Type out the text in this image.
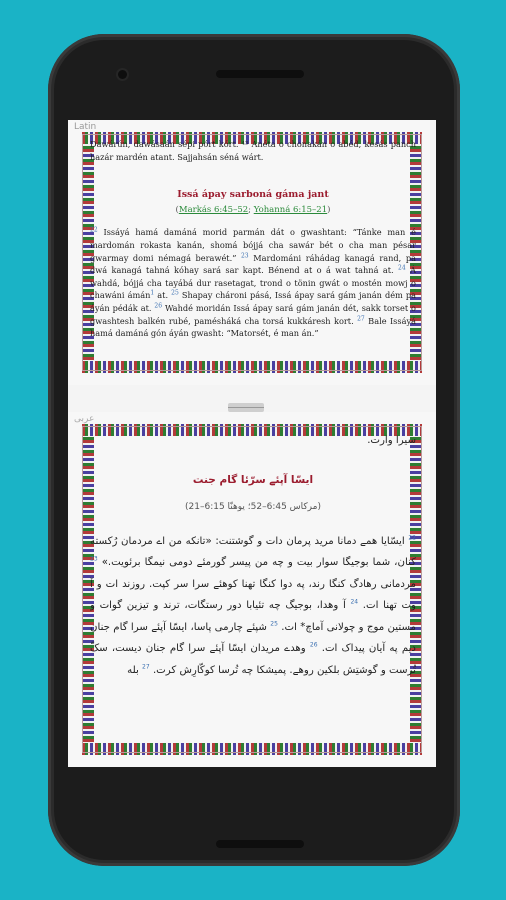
Latin

Dawárún, dawásaán sépi pórt kórt. ⁴³ Anéta o chonakán o abéd, kesás panch hazár mardén atant. Sajjahsán séná wárt.

Issá ápay sarboná gáma jant
(Markás 6:45–52; Yohanná 6:15–21)

$^{22}$ Issáyá hamá damáná morid parmán dát o gwashtant: “Tánke man é mardomán rokasta kanán, shomá bójjá cha sawár bét o cha man pésar gwarmay domi némagá berawét.” $^{23}$ Mardománi ráhádag kanagá rand, pa dwá kanagá tahná kóhay sará sar kapt. Bénend at o á wat tahná at. $^{24}$ Á wahdá, bójjá cha tayábá dur rasetagat, trond o tönin gwát o mostén mowj o chawáni ámán$^1$ at. $^{25}$ Shapay chároni pásá, Issá ápay sará gám janán dém pa áyán pédák at. $^{26}$ Wahdé moridán Issá ápay sará gám janán dét, sakk torset o gwashtesh balkén rubé, pamésháká cha torsá kukkáresh kort. $^{27}$ Bale Issáyá hamá damáná gón áyán gwasht: “Matorsét, é man án.”

عربی

سیرا وارت.

ایسّا آپئے سرّئا گام جنت
(مرکاس 6:45–52؛ یوهنّا 6:15–21)

$^{22}$ ایسّایا همے دمانا مرید پرمان دات و گوشتنت: «تانکه من اے مردمان رُکسته کنان، شما بوجیگا سوار بیت و چه من پیسر گورمئے دومی نیمگا برئویت.» $^{23}$ مردمانی رهادگ کنگا رند، په دوا کنگا تهنا کوهئے سرا سر کپت. روزند ات و آ وت تهنا ات. $^{24}$ آ وهدا، بوجیگ چه تئیابا دور رستگات، ترند و تیزین گوات و مستین موج و چولانی آماچ* ات. $^{25}$ شپئے چارمی پاسا، ایسّا آپئے سرا گام جنان دیم په آیان پیداک ات. $^{26}$ وهدے مریدان ایسّا آپئے سرا گام جنان دیست، سکّ تُرست و گوشتِش بلکین روهے. پمیشکا چه تُرسا کوکّارِش کرت. $^{27}$ بله
